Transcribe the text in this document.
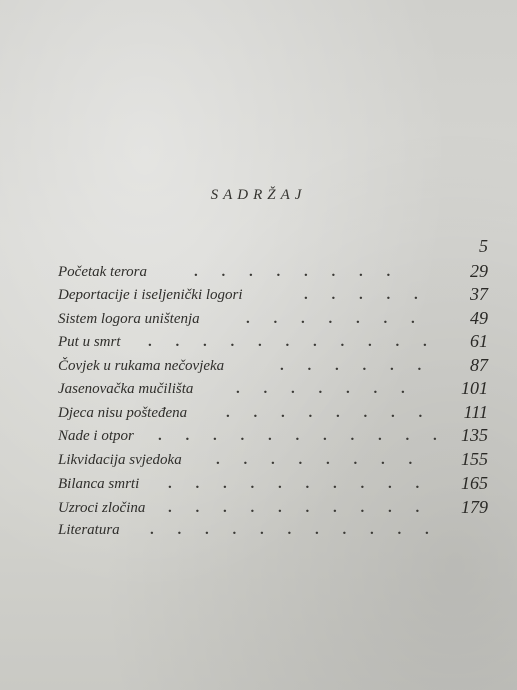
SADRŽAJ
5
Početak terora	. . . . . . . .	29
Deportacije i iseljenički logori	. . . . .	37
Sistem logora uništenja	. . . . . . .	49
Put u smrt . . . . . . . . . . .	61
Čovjek u rukama nečovjeka	. . . . . .	87
Jasenovačka mučilišta	. . . . . . .	101
Djeca nisu pošteđena	. . . . . . . .	111
Nade i otpor . . . . . . . . . . . 135
Likvidacija svjedoka . . . . . . . .	155
Bilanca smrti . . . . . . . . . .	165
Uzroci zločina . . . . . . . . . .	179
Literatura . . . . . . . . . . .
